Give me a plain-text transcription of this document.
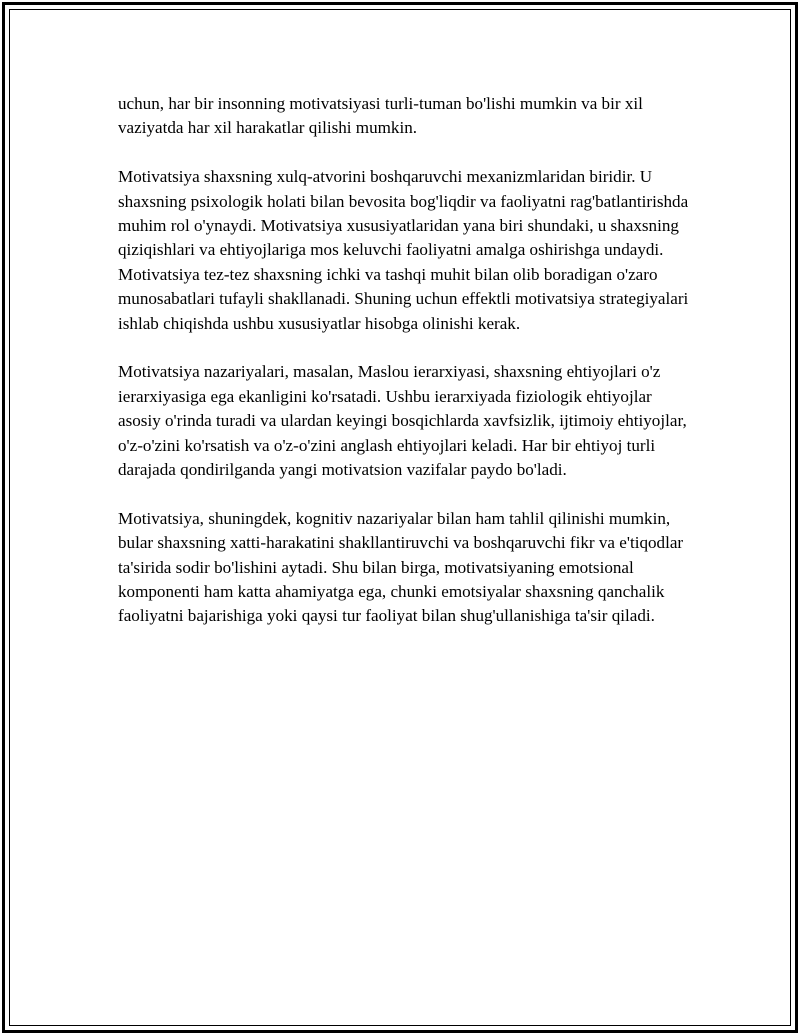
uchun, har bir insonning motivatsiyasi turli-tuman bo'lishi mumkin va bir xil vaziyatda har xil harakatlar qilishi mumkin.

Motivatsiya shaxsning xulq-atvorini boshqaruvchi mexanizmlaridan biridir. U shaxsning psixologik holati bilan bevosita bog'liqdir va faoliyatni rag'batlantirishda muhim rol o'ynaydi. Motivatsiya xususiyatlaridan yana biri shundaki, u shaxsning qiziqishlari va ehtiyojlariga mos keluvchi faoliyatni amalga oshirishga undaydi. Motivatsiya tez-tez shaxsning ichki va tashqi muhit bilan olib boradigan o'zaro munosabatlari tufayli shakllanadi. Shuning uchun effektli motivatsiya strategiyalari ishlab chiqishda ushbu xususiyatlar hisobga olinishi kerak.

Motivatsiya nazariyalari, masalan, Maslou ierarxiyasi, shaxsning ehtiyojlari o'z ierarxiyasiga ega ekanligini ko'rsatadi. Ushbu ierarxiyada fiziologik ehtiyojlar asosiy o'rinda turadi va ulardan keyingi bosqichlarda xavfsizlik, ijtimoiy ehtiyojlar, o'z-o'zini ko'rsatish va o'z-o'zini anglash ehtiyojlari keladi. Har bir ehtiyoj turli darajada qondirilganda yangi motivatsion vazifalar paydo bo'ladi.

Motivatsiya, shuningdek, kognitiv nazariyalar bilan ham tahlil qilinishi mumkin, bular shaxsning xatti-harakatini shakllantiruvchi va boshqaruvchi fikr va e'tiqodlar ta'sirida sodir bo'lishini aytadi. Shu bilan birga, motivatsiyaning emotsional komponenti ham katta ahamiyatga ega, chunki emotsiyalar shaxsning qanchalik faoliyatni bajarishiga yoki qaysi tur faoliyat bilan shug'ullanishiga ta'sir qiladi.
